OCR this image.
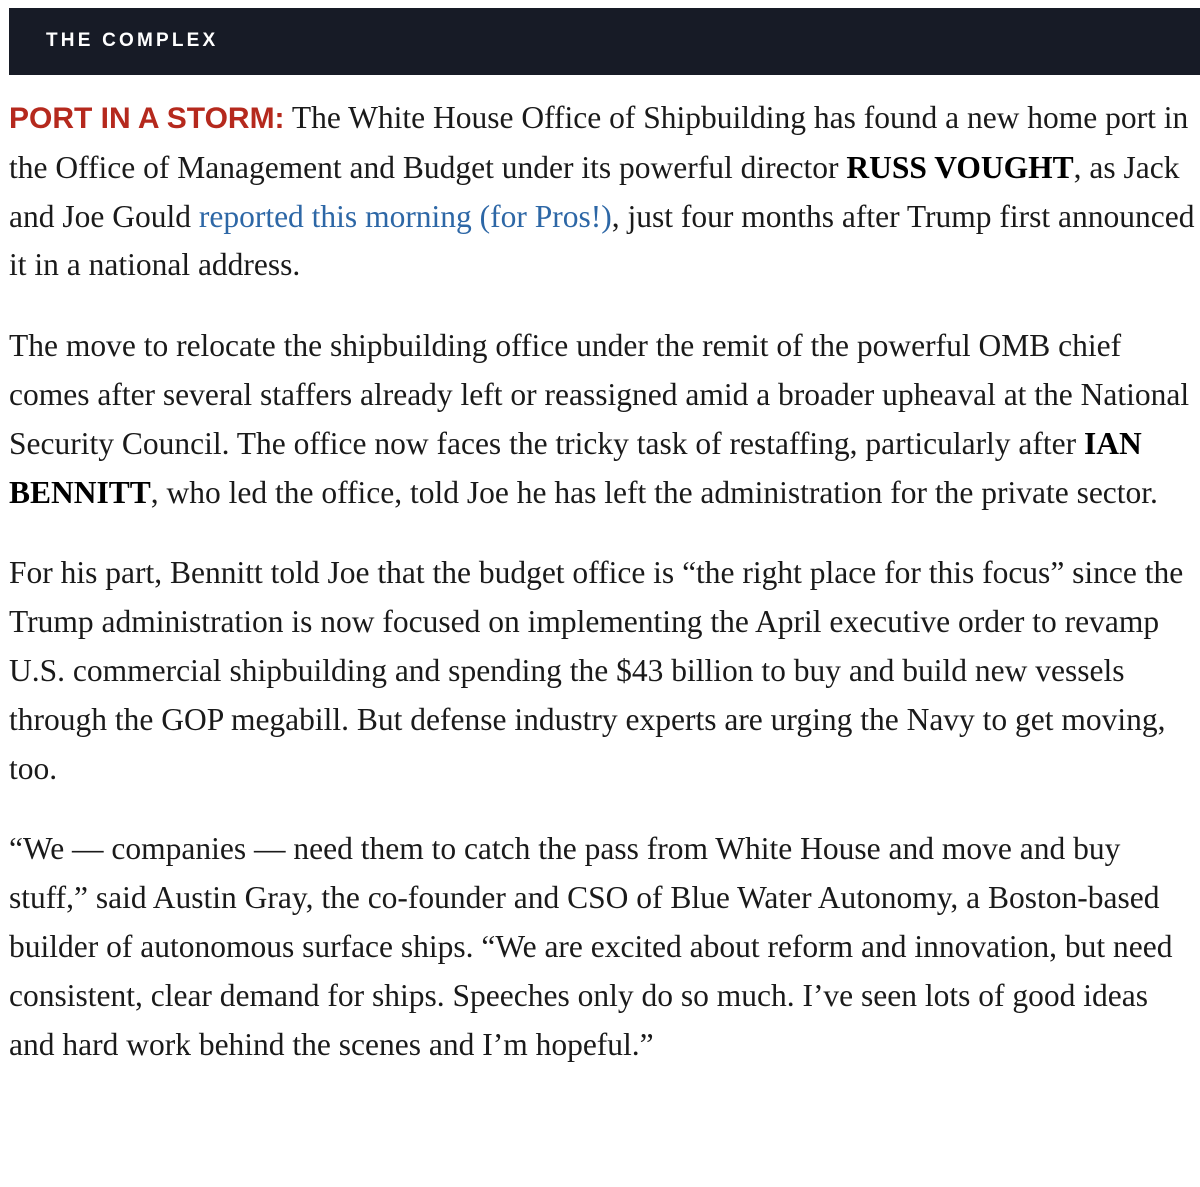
THE COMPLEX

PORT IN A STORM: The White House Office of Shipbuilding has found a new home port in the Office of Management and Budget under its powerful director RUSS VOUGHT, as Jack and Joe Gould reported this morning (for Pros!), just four months after Trump first announced it in a national address.

The move to relocate the shipbuilding office under the remit of the powerful OMB chief comes after several staffers already left or reassigned amid a broader upheaval at the National Security Council. The office now faces the tricky task of restaffing, particularly after IAN BENNITT, who led the office, told Joe he has left the administration for the private sector.

For his part, Bennitt told Joe that the budget office is “the right place for this focus” since the Trump administration is now focused on implementing the April executive order to revamp U.S. commercial shipbuilding and spending the $43 billion to buy and build new vessels through the GOP megabill. But defense industry experts are urging the Navy to get moving, too.

“We — companies — need them to catch the pass from White House and move and buy stuff,” said Austin Gray, the co-founder and CSO of Blue Water Autonomy, a Boston-based builder of autonomous surface ships. “We are excited about reform and innovation, but need consistent, clear demand for ships. Speeches only do so much. I’ve seen lots of good ideas and hard work behind the scenes and I’m hopeful.”
